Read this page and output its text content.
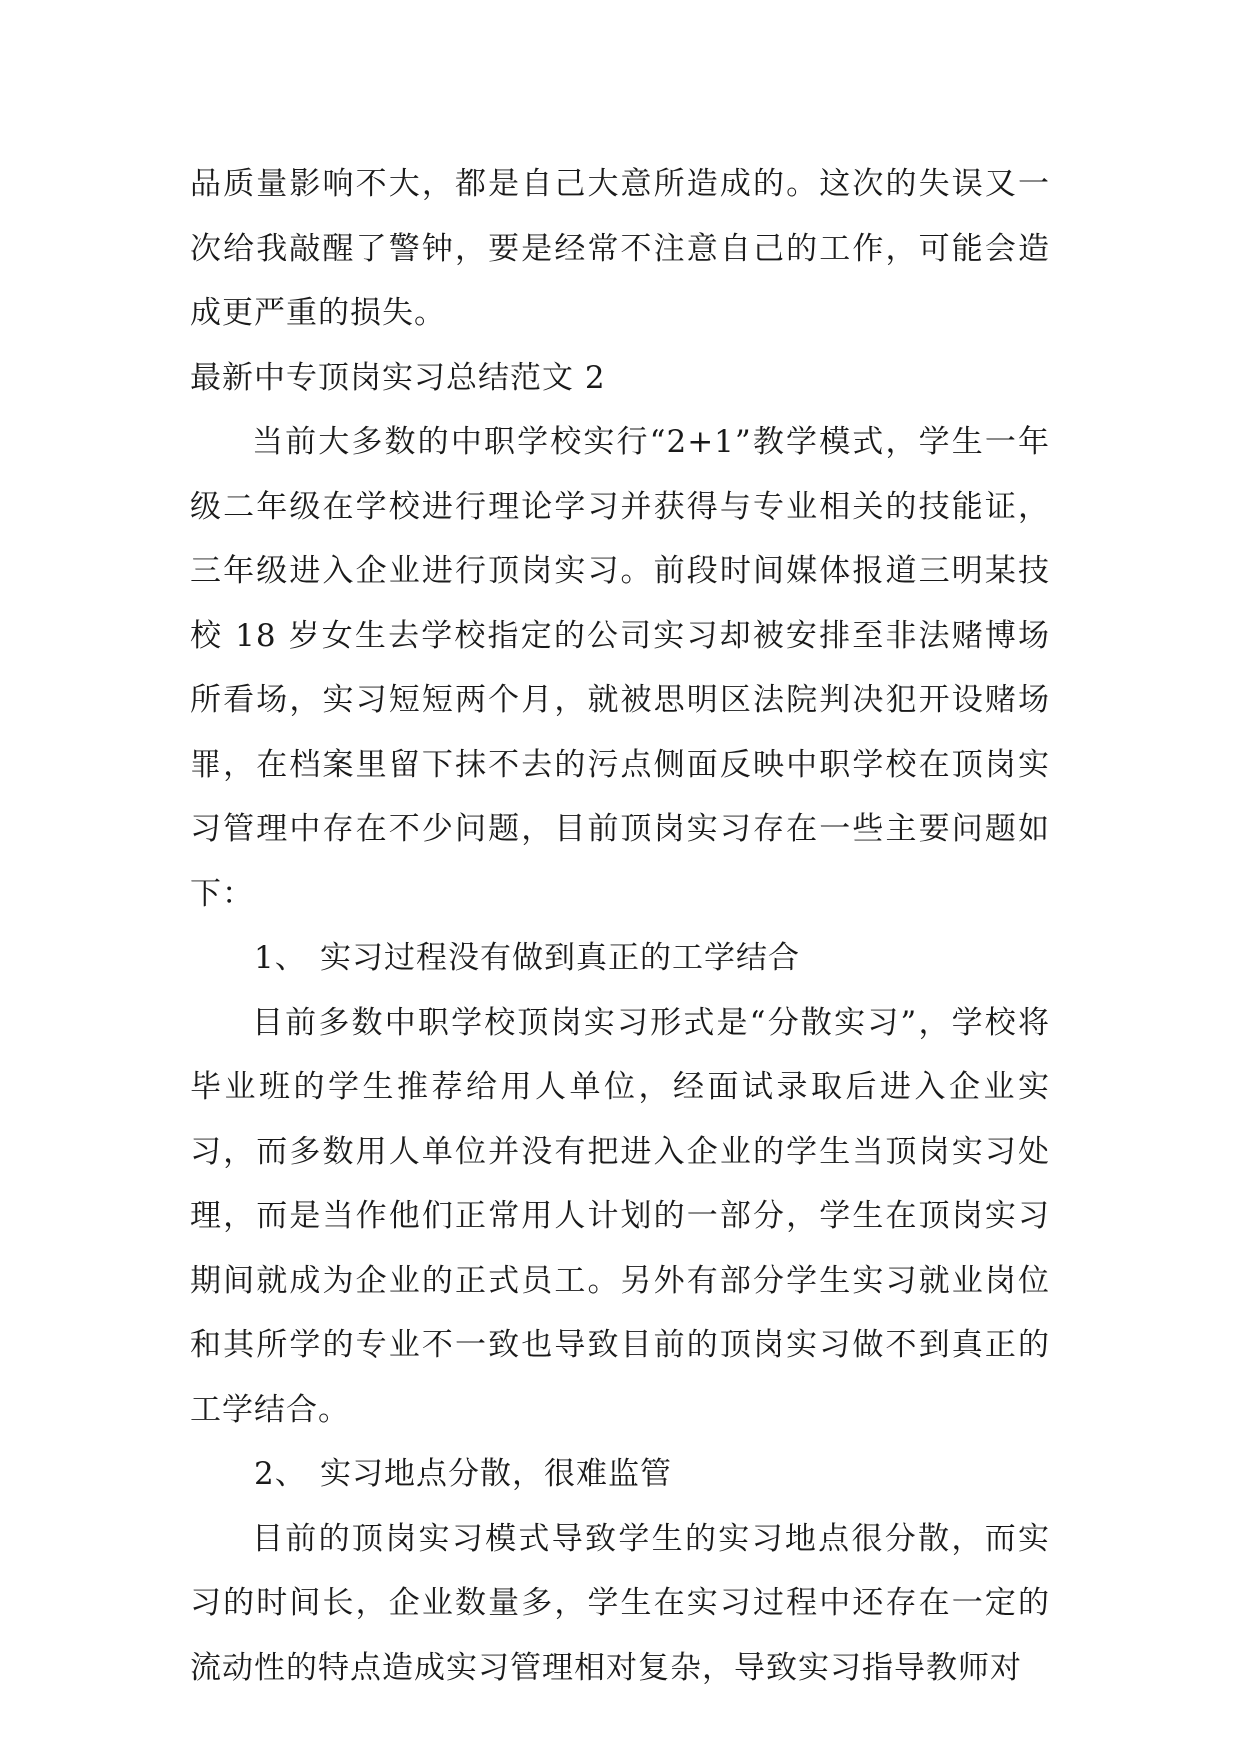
品质量影响不大，都是自己大意所造成的。这次的失误又一次给我敲醒了警钟，要是经常不注意自己的工作，可能会造成更严重的损失。

最新中专顶岗实习总结范文 2

当前大多数的中职学校实行“2+1”教学模式，学生一年级二年级在学校进行理论学习并获得与专业相关的技能证，三年级进入企业进行顶岗实习。前段时间媒体报道三明某技校 18 岁女生去学校指定的公司实习却被安排至非法赌博场所看场，实习短短两个月，就被思明区法院判决犯开设赌场罪，在档案里留下抹不去的污点侧面反映中职学校在顶岗实习管理中存在不少问题，目前顶岗实习存在一些主要问题如下：

1、 实习过程没有做到真正的工学结合

目前多数中职学校顶岗实习形式是“分散实习”，学校将毕业班的学生推荐给用人单位，经面试录取后进入企业实习，而多数用人单位并没有把进入企业的学生当顶岗实习处理，而是当作他们正常用人计划的一部分，学生在顶岗实习期间就成为企业的正式员工。另外有部分学生实习就业岗位和其所学的专业不一致也导致目前的顶岗实习做不到真正的工学结合。

2、 实习地点分散，很难监管

目前的顶岗实习模式导致学生的实习地点很分散，而实习的时间长，企业数量多，学生在实习过程中还存在一定的流动性的特点造成实习管理相对复杂，导致实习指导教师对
